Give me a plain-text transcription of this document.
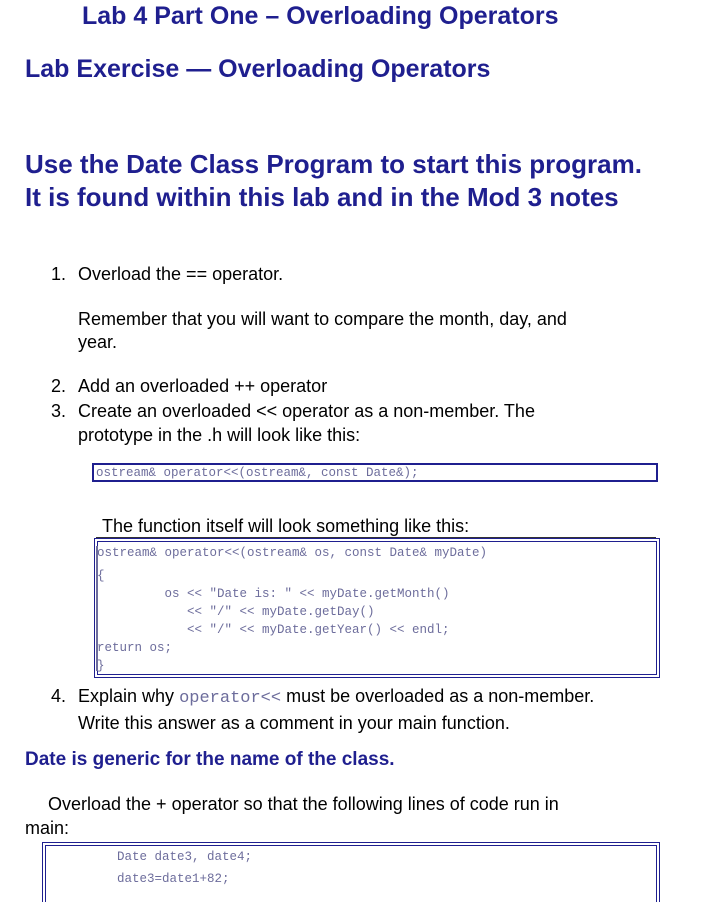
Lab 4 Part One – Overloading Operators
Lab Exercise — Overloading Operators
Use the Date Class Program to start this program. It is found within this lab and in the Mod 3 notes
1. Overload the == operator.
Remember that you will want to compare the month, day, and
year.
2. Add an overloaded ++ operator
3. Create an overloaded << operator as a non-member. The
prototype in the .h will look like this:
ostream& operator<<(ostream&, const Date&);
The function itself will look something like this:
ostream& operator<<(ostream& os, const Date& myDate)
{
os << "Date is: " << myDate.getMonth()
<< "/" << myDate.getDay()
<< "/" << myDate.getYear() << endl;
return os;
}
4. Explain why operator<< must be overloaded as a non-member.
Write this answer as a comment in your main function.
Date is generic for the name of the class.
Overload the + operator so that the following lines of code run in
main:
Date date3, date4;
date3=date1+82;
